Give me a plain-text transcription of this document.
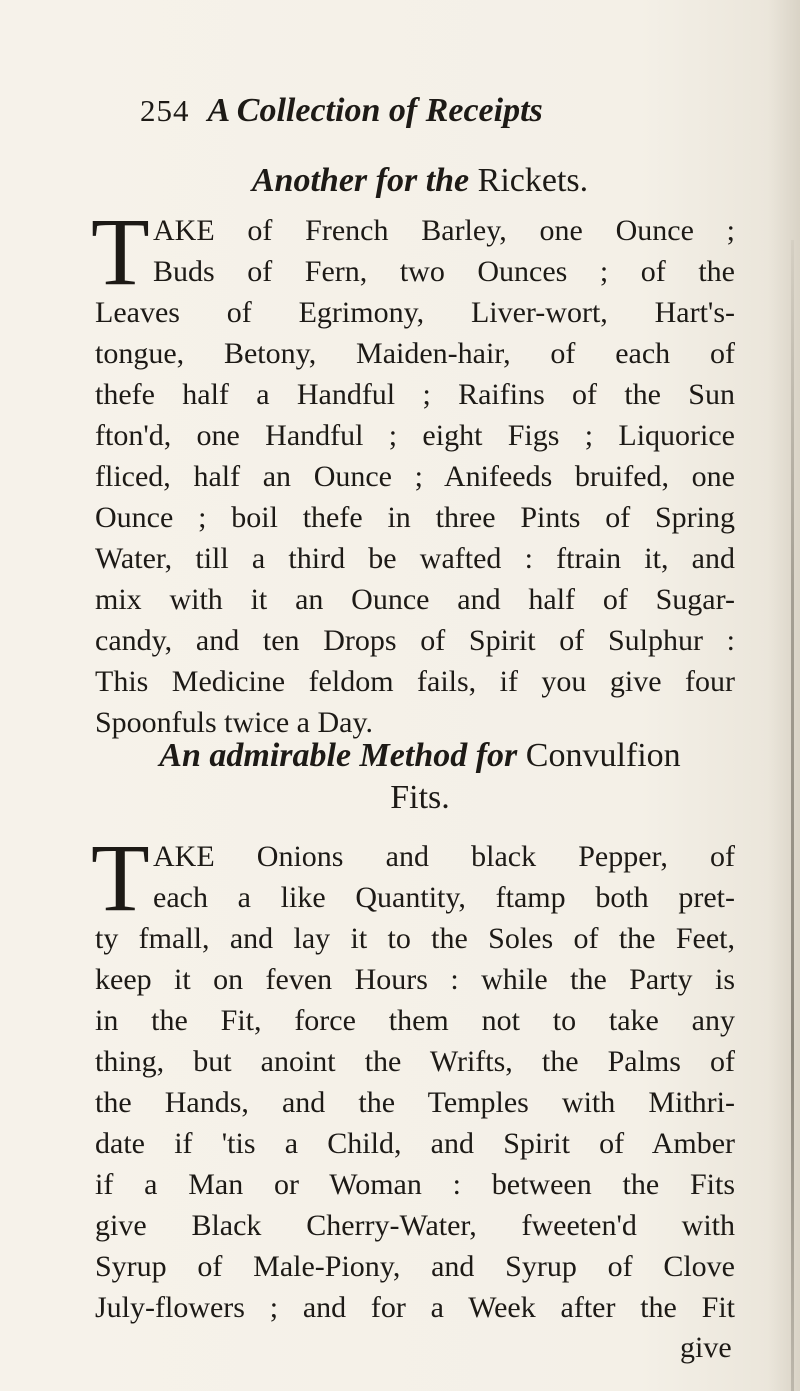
254 A Collection of Receipts
Another for the Rickets.
T AKE of French Barley, one Ounce ;
Buds of Fern, two Ounces ; of the
Leaves of Egrimony, Liver-wort, Hart's-
tongue, Betony, Maiden-hair, of each of
thefe half a Handful ; Raifins of the Sun
fton'd, one Handful ; eight Figs ; Liquorice
fliced, half an Ounce ; Anifeeds bruifed, one
Ounce ; boil thefe in three Pints of Spring
Water, till a third be wafted : ftrain it, and
mix with it an Ounce and half of Sugar-
candy, and ten Drops of Spirit of Sulphur :
This Medicine feldom fails, if you give four
Spoonfuls twice a Day.
An admirable Method for Convulfion
Fits.
T AKE Onions and black Pepper, of
each a like Quantity, ftamp both pret-
ty fmall, and lay it to the Soles of the Feet,
keep it on feven Hours : while the Party is
in the Fit, force them not to take any
thing, but anoint the Wrifts, the Palms of
the Hands, and the Temples with Mithri-
date if 'tis a Child, and Spirit of Amber
if a Man or Woman : between the Fits
give Black Cherry-Water, fweeten'd with
Syrup of Male-Piony, and Syrup of Clove
July-flowers ; and for a Week after the Fit
give
